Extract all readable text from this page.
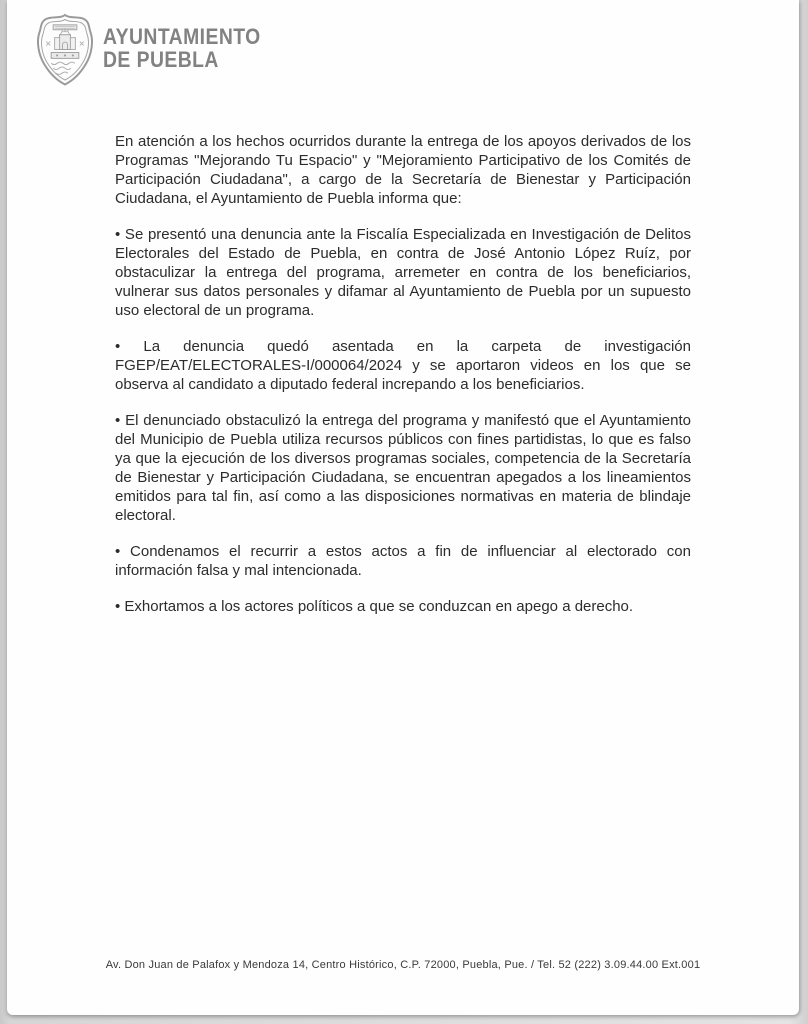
AYUNTAMIENTO
DE PUEBLA

En atención a los hechos ocurridos durante la entrega de los apoyos derivados de los Programas "Mejorando Tu Espacio" y "Mejoramiento Participativo de los Comités de Participación Ciudadana", a cargo de la Secretaría de Bienestar y Participación Ciudadana, el Ayuntamiento de Puebla informa que:

• Se presentó una denuncia ante la Fiscalía Especializada en Investigación de Delitos Electorales del Estado de Puebla, en contra de José Antonio López Ruíz, por obstaculizar la entrega del programa, arremeter en contra de los beneficiarios, vulnerar sus datos personales y difamar al Ayuntamiento de Puebla por un supuesto uso electoral de un programa.

• La denuncia quedó asentada en la carpeta de investigación FGEP/EAT/ELECTORALES-I/000064/2024 y se aportaron videos en los que se observa al candidato a diputado federal increpando a los beneficiarios.

• El denunciado obstaculizó la entrega del programa y manifestó que el Ayuntamiento del Municipio de Puebla utiliza recursos públicos con fines partidistas, lo que es falso ya que la ejecución de los diversos programas sociales, competencia de la Secretaría de Bienestar y Participación Ciudadana, se encuentran apegados a los lineamientos emitidos para tal fin, así como a las disposiciones normativas en materia de blindaje electoral.

• Condenamos el recurrir a estos actos a fin de influenciar al electorado con información falsa y mal intencionada.

• Exhortamos a los actores políticos a que se conduzcan en apego a derecho.

Av. Don Juan de Palafox y Mendoza 14, Centro Histórico, C.P. 72000, Puebla, Pue. / Tel. 52 (222) 3.09.44.00 Ext.001
